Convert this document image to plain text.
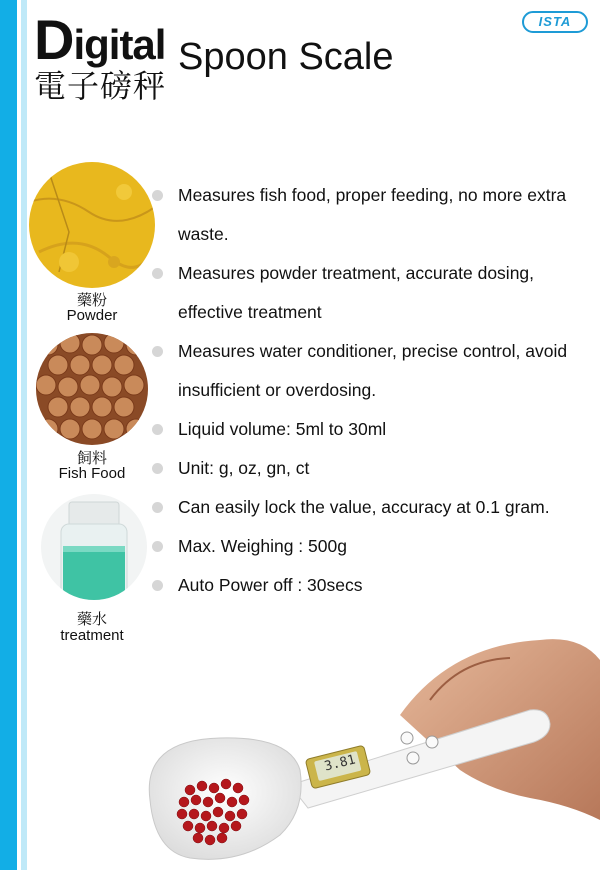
Digital
電子磅秤
Spoon Scale
ISTA
藥粉
Powder
飼料
Fish Food
藥水
treatment
Measures fish food, proper feeding, no more extra waste.
Measures powder treatment, accurate dosing, effective treatment
Measures water conditioner, precise control, avoid insufficient or overdosing.
Liquid volume: 5ml to 30ml
Unit: g, oz, gn, ct
Can easily lock the value, accuracy at 0.1 gram.
Max. Weighing : 500g
Auto Power off : 30secs
3.81
